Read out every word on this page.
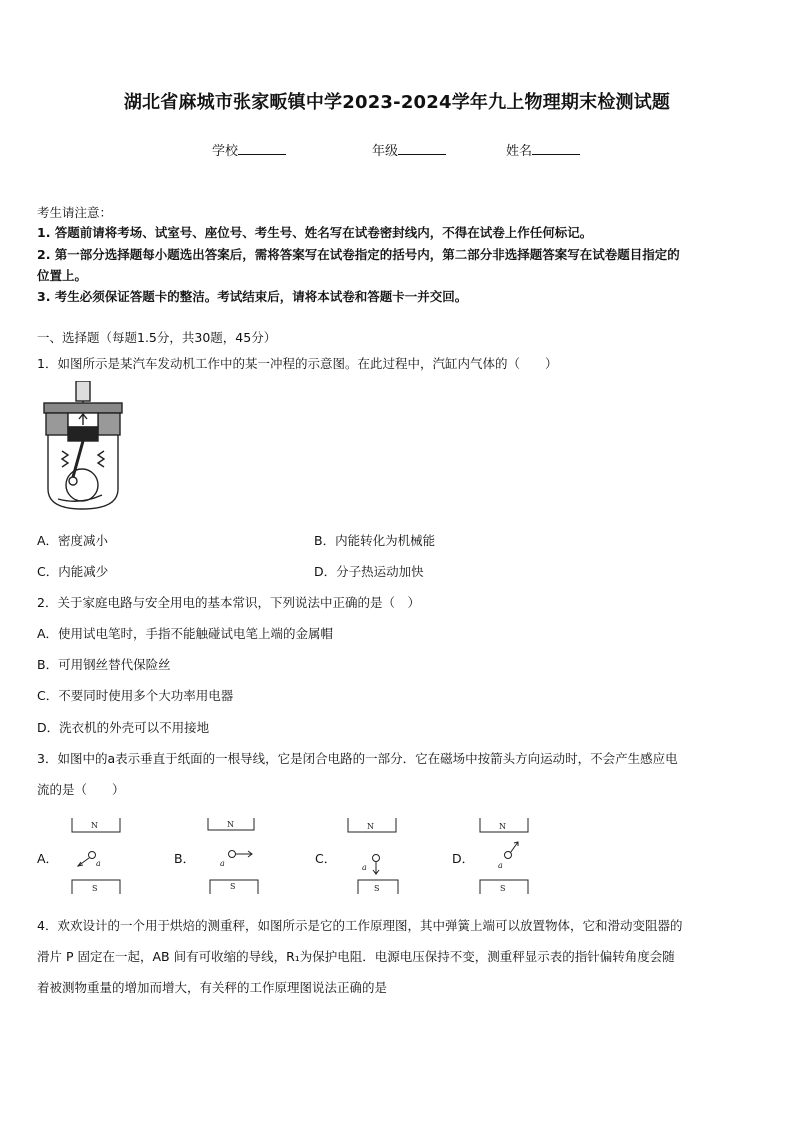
湖北省麻城市张家畈镇中学2023-2024学年九上物理期末检测试题
学校	年级	姓名
考生请注意：
1. 答题前请将考场、试室号、座位号、考生号、姓名写在试卷密封线内，不得在试卷上作任何标记。
2. 第一部分选择题每小题选出答案后，需将答案写在试卷指定的括号内，第二部分非选择题答案写在试卷题目指定的
位置上。
3. 考生必须保证答题卡的整洁。考试结束后，请将本试卷和答题卡一并交回。
一、选择题（每题1.5分，共30题，45分）
1．如图所示是某汽车发动机工作中的某一冲程的示意图。在此过程中，汽缸内气体的（　　）
A．密度减小	B．内能转化为机械能
C．内能减少	D．分子热运动加快
2．关于家庭电路与安全用电的基本常识，下列说法中正确的是（　）
A．使用试电笔时，手指不能触碰试电笔上端的金属帽
B．可用钢丝替代保险丝
C．不要同时使用多个大功率用电器
D．洗衣机的外壳可以不用接地
3．如图中的a表示垂直于纸面的一根导线，它是闭合电路的一部分．它在磁场中按箭头方向运动时，不会产生感应电
流的是（　　）
A．
N
S
a	B．
N
S
a	C．
N
S
a
D．
N
S
a
4．欢欢设计的一个用于烘焙的测重秤，如图所示是它的工作原理图，其中弹簧上端可以放置物体，它和滑动变阻器的
滑片 P 固定在一起，AB 间有可收缩的导线，R₁为保护电阻．电源电压保持不变，测重秤显示表的指针偏转角度会随
着被测物重量的增加而增大，有关秤的工作原理图说法正确的是
